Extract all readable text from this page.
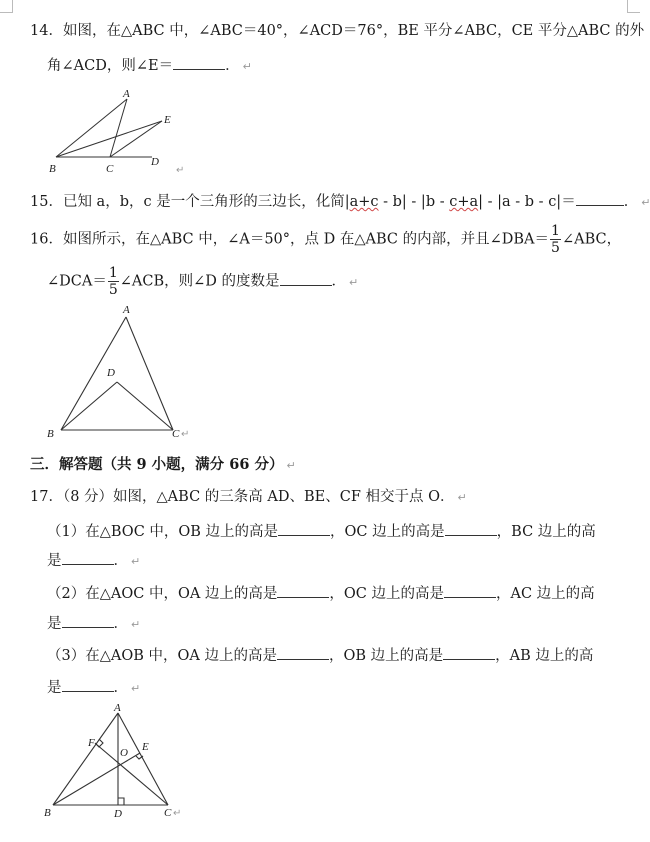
14．如图，在△ABC 中，∠ABC＝40°，∠ACD＝76°，BE 平分∠ABC，CE 平分△ABC 的外
角∠ACD，则∠E＝	． ↵
A
B	C
D
E
↵
15．已知 a，b，c 是一个三角形的三边长，化简|a+c - b| - |b - c+a| - |a - b - c|＝	． ↵
16．如图所示，在△ABC 中，∠A＝50°，点 D 在△ABC 的内部，并且∠DBA＝ $\frac{1}{5}$ ∠ABC，
∠DCA＝ $\frac{1}{5}$ ∠ACB，则∠D 的度数是	． ↵
A
D
B	C ↵
三．解答题（共 9 小题，满分 66 分） ↵
17．（8 分）如图，△ABC 的三条高 AD、BE、CF 相交于点 O． ↵
（1）在△BOC 中，OB 边上的高是	，OC 边上的高是	，BC 边上的高
是	． ↵
（2）在△AOC 中，OA 边上的高是	，OC 边上的高是	，AC 边上的高
是	． ↵
（3）在△AOB 中，OA 边上的高是	，OB 边上的高是	，AB 边上的高
是	． ↵
A
F	E
O
B	D	C ↵
